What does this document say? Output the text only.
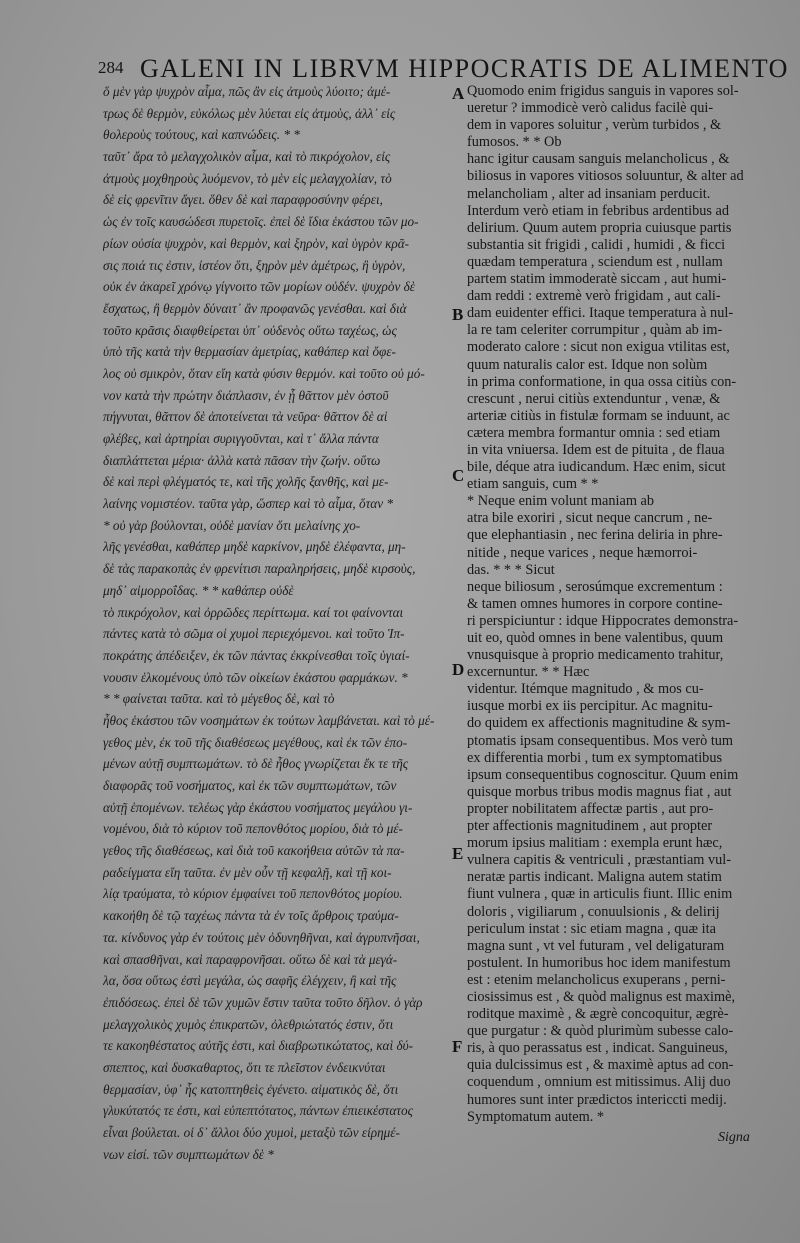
284 GALENI IN LIBRVM HIPPOCRATIS DE ALIMENTO
ὅ μὲν γὰρ ψυχρὸν αἷμα, πῶς ἂν εἰς ἀτμοὺς λύοιτο; ἀμέ-
τρως δὲ θερμὸν, εὐκόλως μὲν λύεται εἰς ἀτμοὺς, ἀλλ᾽ εἰς
θολεροὺς τούτους, καὶ καπνώδεις. * *
ταῦτ᾽ ἄρα τὸ μελαγχολικὸν αἷμα, καὶ τὸ πικρόχολον, εἰς
ἀτμοὺς μοχθηροὺς λυόμενον, τὸ μὲν εἰς μελαγχολίαν, τὸ
δὲ εἰς φρενῖτιν ἄγει. ὅθεν δὲ καὶ παραφροσύνην φέρει,
ὡς ἐν τοῖς καυσώδεσι πυρετοῖς. ἐπεὶ δὲ ἴδια ἑκάστου τῶν μο-
ρίων οὐσία ψυχρὸν, καὶ θερμὸν, καὶ ξηρὸν, καὶ ὑγρὸν κρᾶ-
σις ποιά τις ἐστιν, ἰστέον ὅτι, ξηρὸν μὲν ἀμέτρως, ἢ ὑγρὸν,
οὐκ ἐν ἀκαρεῖ χρόνῳ γίγνοιτο τῶν μορίων οὐδέν. ψυχρὸν δὲ
ἔσχατως, ἢ θερμὸν δύναιτ᾽ ἂν προφανῶς γενέσθαι. καὶ διὰ
τοῦτο κρᾶσις διαφθείρεται ὑπ᾽ οὐδενὸς οὕτω ταχέως, ὡς
ὑπὸ τῆς κατὰ τὴν θερμασίαν ἀμετρίας, καθάπερ καὶ ὄφε-
λος οὐ σμικρὸν, ὅταν εἴη κατὰ φύσιν θερμόν. καὶ τοῦτο οὐ μό-
νον κατὰ τὴν πρώτην διάπλασιν, ἐν ᾗ θᾶττον μὲν ὀστοῦ
πήγνυται, θᾶττον δὲ ἀποτείνεται τὰ νεῦρα· θᾶττον δὲ αἱ
φλέβες, καὶ ἀρτηρίαι συριγγοῦνται, καὶ τ᾽ ἄλλα πάντα
διαπλάττεται μέρια· ἀλλὰ κατὰ πᾶσαν τὴν ζωήν. οὕτω
δὲ καὶ περὶ φλέγματός τε, καὶ τῆς χολῆς ξανθῆς, καὶ με-
λαίνης νομιστέον. ταῦτα γὰρ, ὥσπερ καὶ τὸ αἷμα, ὅταν *
* οὐ γὰρ βούλονται, οὐδὲ μανίαν ὅτι μελαίνης χο-
λῆς γενέσθαι, καθάπερ μηδὲ καρκίνον, μηδὲ ἐλέφαντα, μη-
δὲ τὰς παρακοπὰς ἐν φρενίτισι παραληρήσεις, μηδὲ κιρσοὺς,
μηδ᾽ αἱμορροΐδας. * * καθάπερ οὐδὲ
τὸ πικρόχολον, καὶ ὀρρῶδες περίττωμα. καί τοι φαίνονται
πάντες κατὰ τὸ σῶμα οἱ χυμοὶ περιεχόμενοι. καὶ τοῦτο Ἱπ-
ποκράτης ἀπέδειξεν, ἐκ τῶν πάντας ἐκκρίνεσθαι τοῖς ὑγιαί-
νουσιν ἑλκομένους ὑπὸ τῶν οἰκείων ἑκάστου φαρμάκων. *
* * φαίνεται ταῦτα. καὶ τὸ μέγεθος δὲ, καὶ τὸ
ἦθος ἑκάστου τῶν νοσημάτων ἐκ τούτων λαμβάνεται. καὶ τὸ μέ-
γεθος μὲν, ἐκ τοῦ τῆς διαθέσεως μεγέθους, καὶ ἐκ τῶν ἑπο-
μένων αὐτῇ συμπτωμάτων. τὸ δὲ ἦθος γνωρίζεται ἔκ τε τῆς
διαφορᾶς τοῦ νοσήματος, καὶ ἐκ τῶν συμπτωμάτων, τῶν
αὐτῇ ἑπομένων. τελέως γὰρ ἑκάστου νοσήματος μεγάλου γι-
νομένου, διὰ τὸ κύριον τοῦ πεπονθότος μορίου, διὰ τὸ μέ-
γεθος τῆς διαθέσεως, καὶ διὰ τοῦ κακοήθεια αὐτῶν τὰ πα-
ραδείγματα εἴη ταῦτα. ἐν μὲν οὖν τῇ κεφαλῇ, καὶ τῇ κοι-
λίᾳ τραύματα, τὸ κύριον ἐμφαίνει τοῦ πεπονθότος μορίου.
κακοήθη δὲ τῷ ταχέως πάντα τὰ ἐν τοῖς ἄρθροις τραύμα-
τα. κίνδυνος γὰρ ἐν τούτοις μὲν ὀδυνηθῆναι, καὶ ἀγρυπνῆσαι,
καὶ σπασθῆναι, καὶ παραφρονῆσαι. οὕτω δὲ καὶ τὰ μεγά-
λα, ὅσα οὕτως ἐστὶ μεγάλα, ὡς σαφῆς ἐλέγχειν, ἢ καὶ τῆς
ἐπιδόσεως. ἐπεὶ δὲ τῶν χυμῶν ἔστιν ταῦτα τοῦτο δῆλον. ὁ γὰρ
μελαγχολικὸς χυμὸς ἐπικρατῶν, ὀλεθριώτατός ἐστιν, ὅτι
τε κακοηθέστατος αὐτῆς ἐστι, καὶ διαβρωτικώτατος, καὶ δύ-
σπεπτος, καὶ δυσκαθαρτος, ὅτι τε πλεῖστον ἐνδεικνύται
θερμασίαν, ὑφ᾽ ἧς κατοπτηθεὶς ἐγένετο. αἱματικὸς δὲ, ὅτι
γλυκύτατός τε ἐστι, καὶ εὐπεπτότατος, πάντων ἐπιεικέστατος
εἶναι βούλεται. οἱ δ᾽ ἄλλοι δύο χυμοὶ, μεταξὺ τῶν εἰρημέ-
νων εἰσί. τῶν συμπτωμάτων δὲ *
A
B
C
D
E
F
Quomodo enim frigidus sanguis in vapores sol-
ueretur ? immodicè verò calidus facilè qui-
dem in vapores soluitur , verùm turbidos , &
fumosos. * * Ob
hanc igitur causam sanguis melancholicus , &
biliosus in vapores vitiosos soluuntur, & alter ad
melancholiam , alter ad insaniam perducit.
Interdum verò etiam in febribus ardentibus ad
delirium. Quum autem propria cuiusque partis
substantia sit frigidi , calidi , humidi , & ficci
quædam temperatura , sciendum est , nullam
partem statim immoderatè siccam , aut humi-
dam reddi : extremè verò frigidam , aut cali-
dam euidenter effici. Itaque temperatura à nul-
la re tam celeriter corrumpitur , quàm ab im-
moderato calore : sicut non exigua vtilitas est,
quum naturalis calor est. Idque non solùm
in prima conformatione, in qua ossa citiùs con-
crescunt , nerui citiùs extenduntur , venæ, &
arteriæ citiùs in fistulæ formam se induunt, ac
cætera membra formantur omnia : sed etiam
in vita vniuersa. Idem est de pituita , de flaua
bile, déque atra iudicandum. Hæc enim, sicut
etiam sanguis, cum * *
* Neque enim volunt maniam ab
atra bile exoriri , sicut neque cancrum , ne-
que elephantiasin , nec ferina deliria in phre-
nitide , neque varices , neque hæmorroi-
das. * * * Sicut
neque biliosum , serosúmque excrementum :
& tamen omnes humores in corpore contine-
ri perspiciuntur : idque Hippocrates demonstra-
uit eo, quòd omnes in bene valentibus, quum
vnusquisque à proprio medicamento trahitur,
excernuntur. * * Hæc
videntur. Itémque magnitudo , & mos cu-
iusque morbi ex iis percipitur. Ac magnitu-
do quidem ex affectionis magnitudine & sym-
ptomatis ipsam consequentibus. Mos verò tum
ex differentia morbi , tum ex symptomatibus
ipsum consequentibus cognoscitur. Quum enim
quisque morbus tribus modis magnus fiat , aut
propter nobilitatem affectæ partis , aut pro-
pter affectionis magnitudinem , aut propter
morum ipsius malitiam : exempla erunt hæc,
vulnera capitis & ventriculi , præstantiam vul-
neratæ partis indicant. Maligna autem statim
fiunt vulnera , quæ in articulis fiunt. Illic enim
doloris , vigiliarum , conuulsionis , & delirij
periculum instat : sic etiam magna , quæ ita
magna sunt , vt vel futuram , vel deligaturam
postulent. In humoribus hoc idem manifestum
est : etenim melancholicus exuperans , perni-
ciosissimus est , & quòd malignus est maximè,
roditque maximè , & ægrè concoquitur, ægrè-
que purgatur : & quòd plurimùm subesse calo-
ris, à quo perassatus est , indicat. Sanguineus,
quia dulcissimus est , & maximè aptus ad con-
coquendum , omnium est mitissimus. Alij duo
humores sunt inter prædictos intericcti medij.
Symptomatum autem. *
Signa
